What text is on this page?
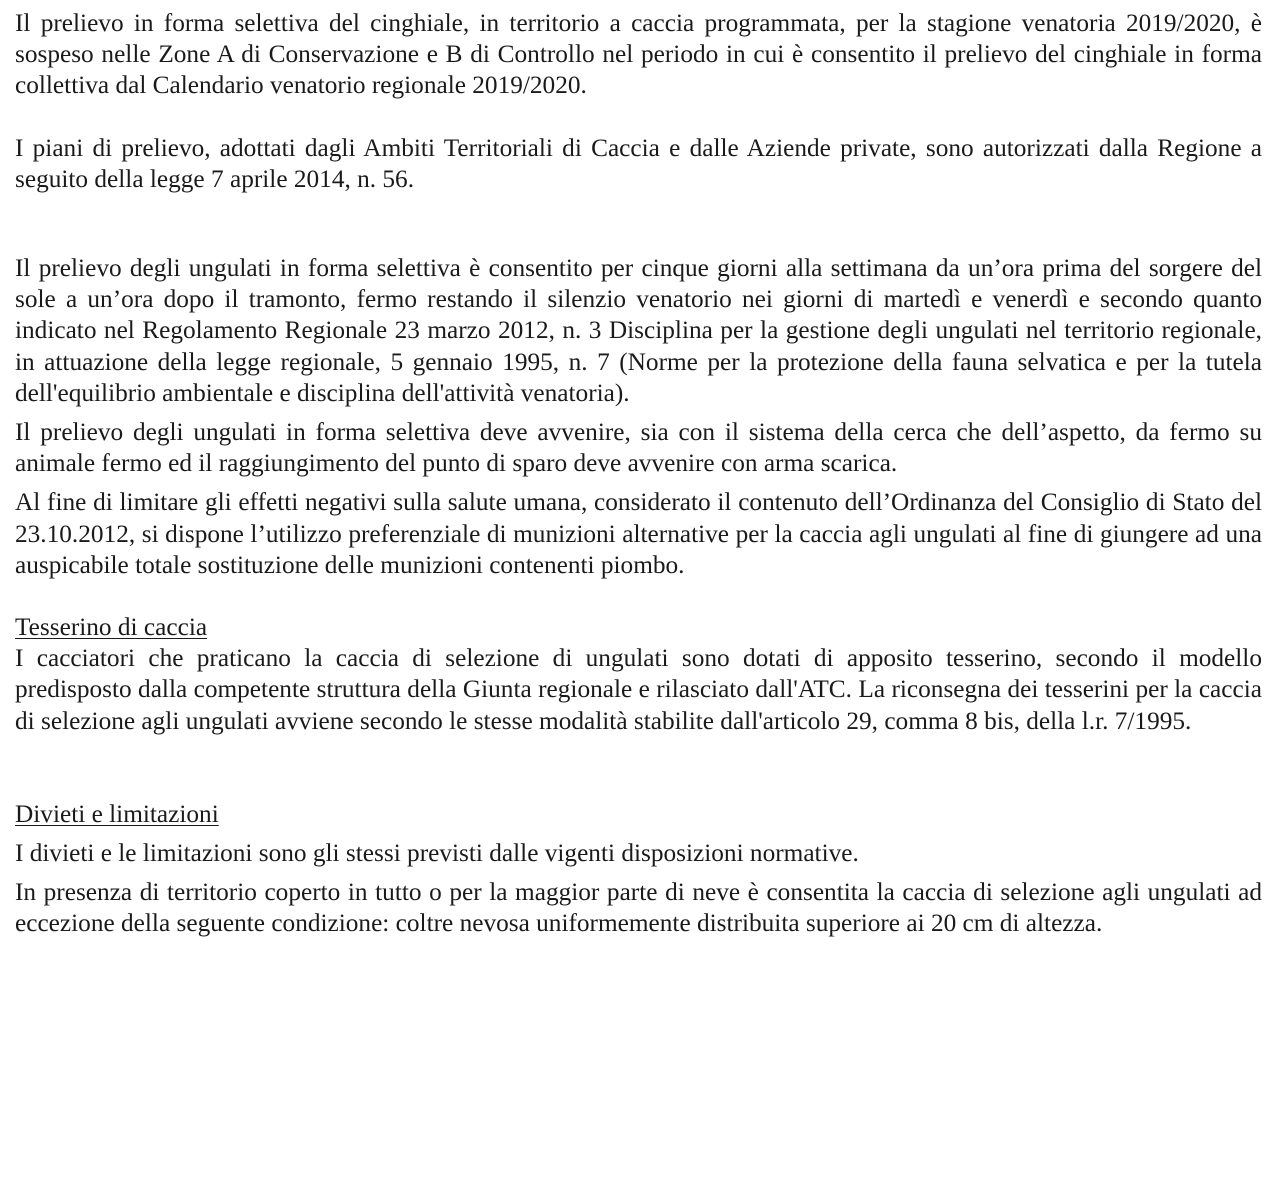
Il prelievo in forma selettiva del cinghiale, in territorio a caccia programmata, per la stagione venatoria 2019/2020, è sospeso nelle Zone A di Conservazione e B di Controllo nel periodo in cui è consentito il prelievo del cinghiale in forma collettiva dal Calendario venatorio regionale 2019/2020.

I piani di prelievo, adottati dagli Ambiti Territoriali di Caccia e dalle Aziende private, sono autorizzati dalla Regione a seguito della legge 7 aprile 2014, n. 56.

Il prelievo degli ungulati in forma selettiva è consentito per cinque giorni alla settimana da un’ora prima del sorgere del sole a un’ora dopo il tramonto, fermo restando il silenzio venatorio nei giorni di martedì e venerdì e secondo quanto indicato nel Regolamento Regionale 23 marzo 2012, n. 3 Disciplina per la gestione degli ungulati nel territorio regionale, in attuazione della legge regionale, 5 gennaio 1995, n. 7 (Norme per la protezione della fauna selvatica e per la tutela dell'equilibrio ambientale e disciplina dell'attività venatoria).

Il prelievo degli ungulati in forma selettiva deve avvenire, sia con il sistema della cerca che dell’aspetto, da fermo su animale fermo ed il raggiungimento del punto di sparo deve avvenire con arma scarica.

Al fine di limitare gli effetti negativi sulla salute umana, considerato il contenuto dell’Ordinanza del Consiglio di Stato del 23.10.2012, si dispone l’utilizzo preferenziale di munizioni alternative per la caccia agli ungulati al fine di giungere ad una auspicabile totale sostituzione delle munizioni contenenti piombo.

Tesserino di caccia

I cacciatori che praticano la caccia di selezione di ungulati sono dotati di apposito tesserino, secondo il modello predisposto dalla competente struttura della Giunta regionale e rilasciato dall'ATC. La riconsegna dei tesserini per la caccia di selezione agli ungulati avviene secondo le stesse modalità stabilite dall'articolo 29, comma 8 bis, della l.r. 7/1995.

Divieti e limitazioni

I divieti e le limitazioni sono gli stessi previsti dalle vigenti disposizioni normative.

In presenza di territorio coperto in tutto o per la maggior parte di neve è consentita la caccia di selezione agli ungulati ad eccezione della seguente condizione: coltre nevosa uniformemente distribuita superiore ai 20 cm di altezza.
